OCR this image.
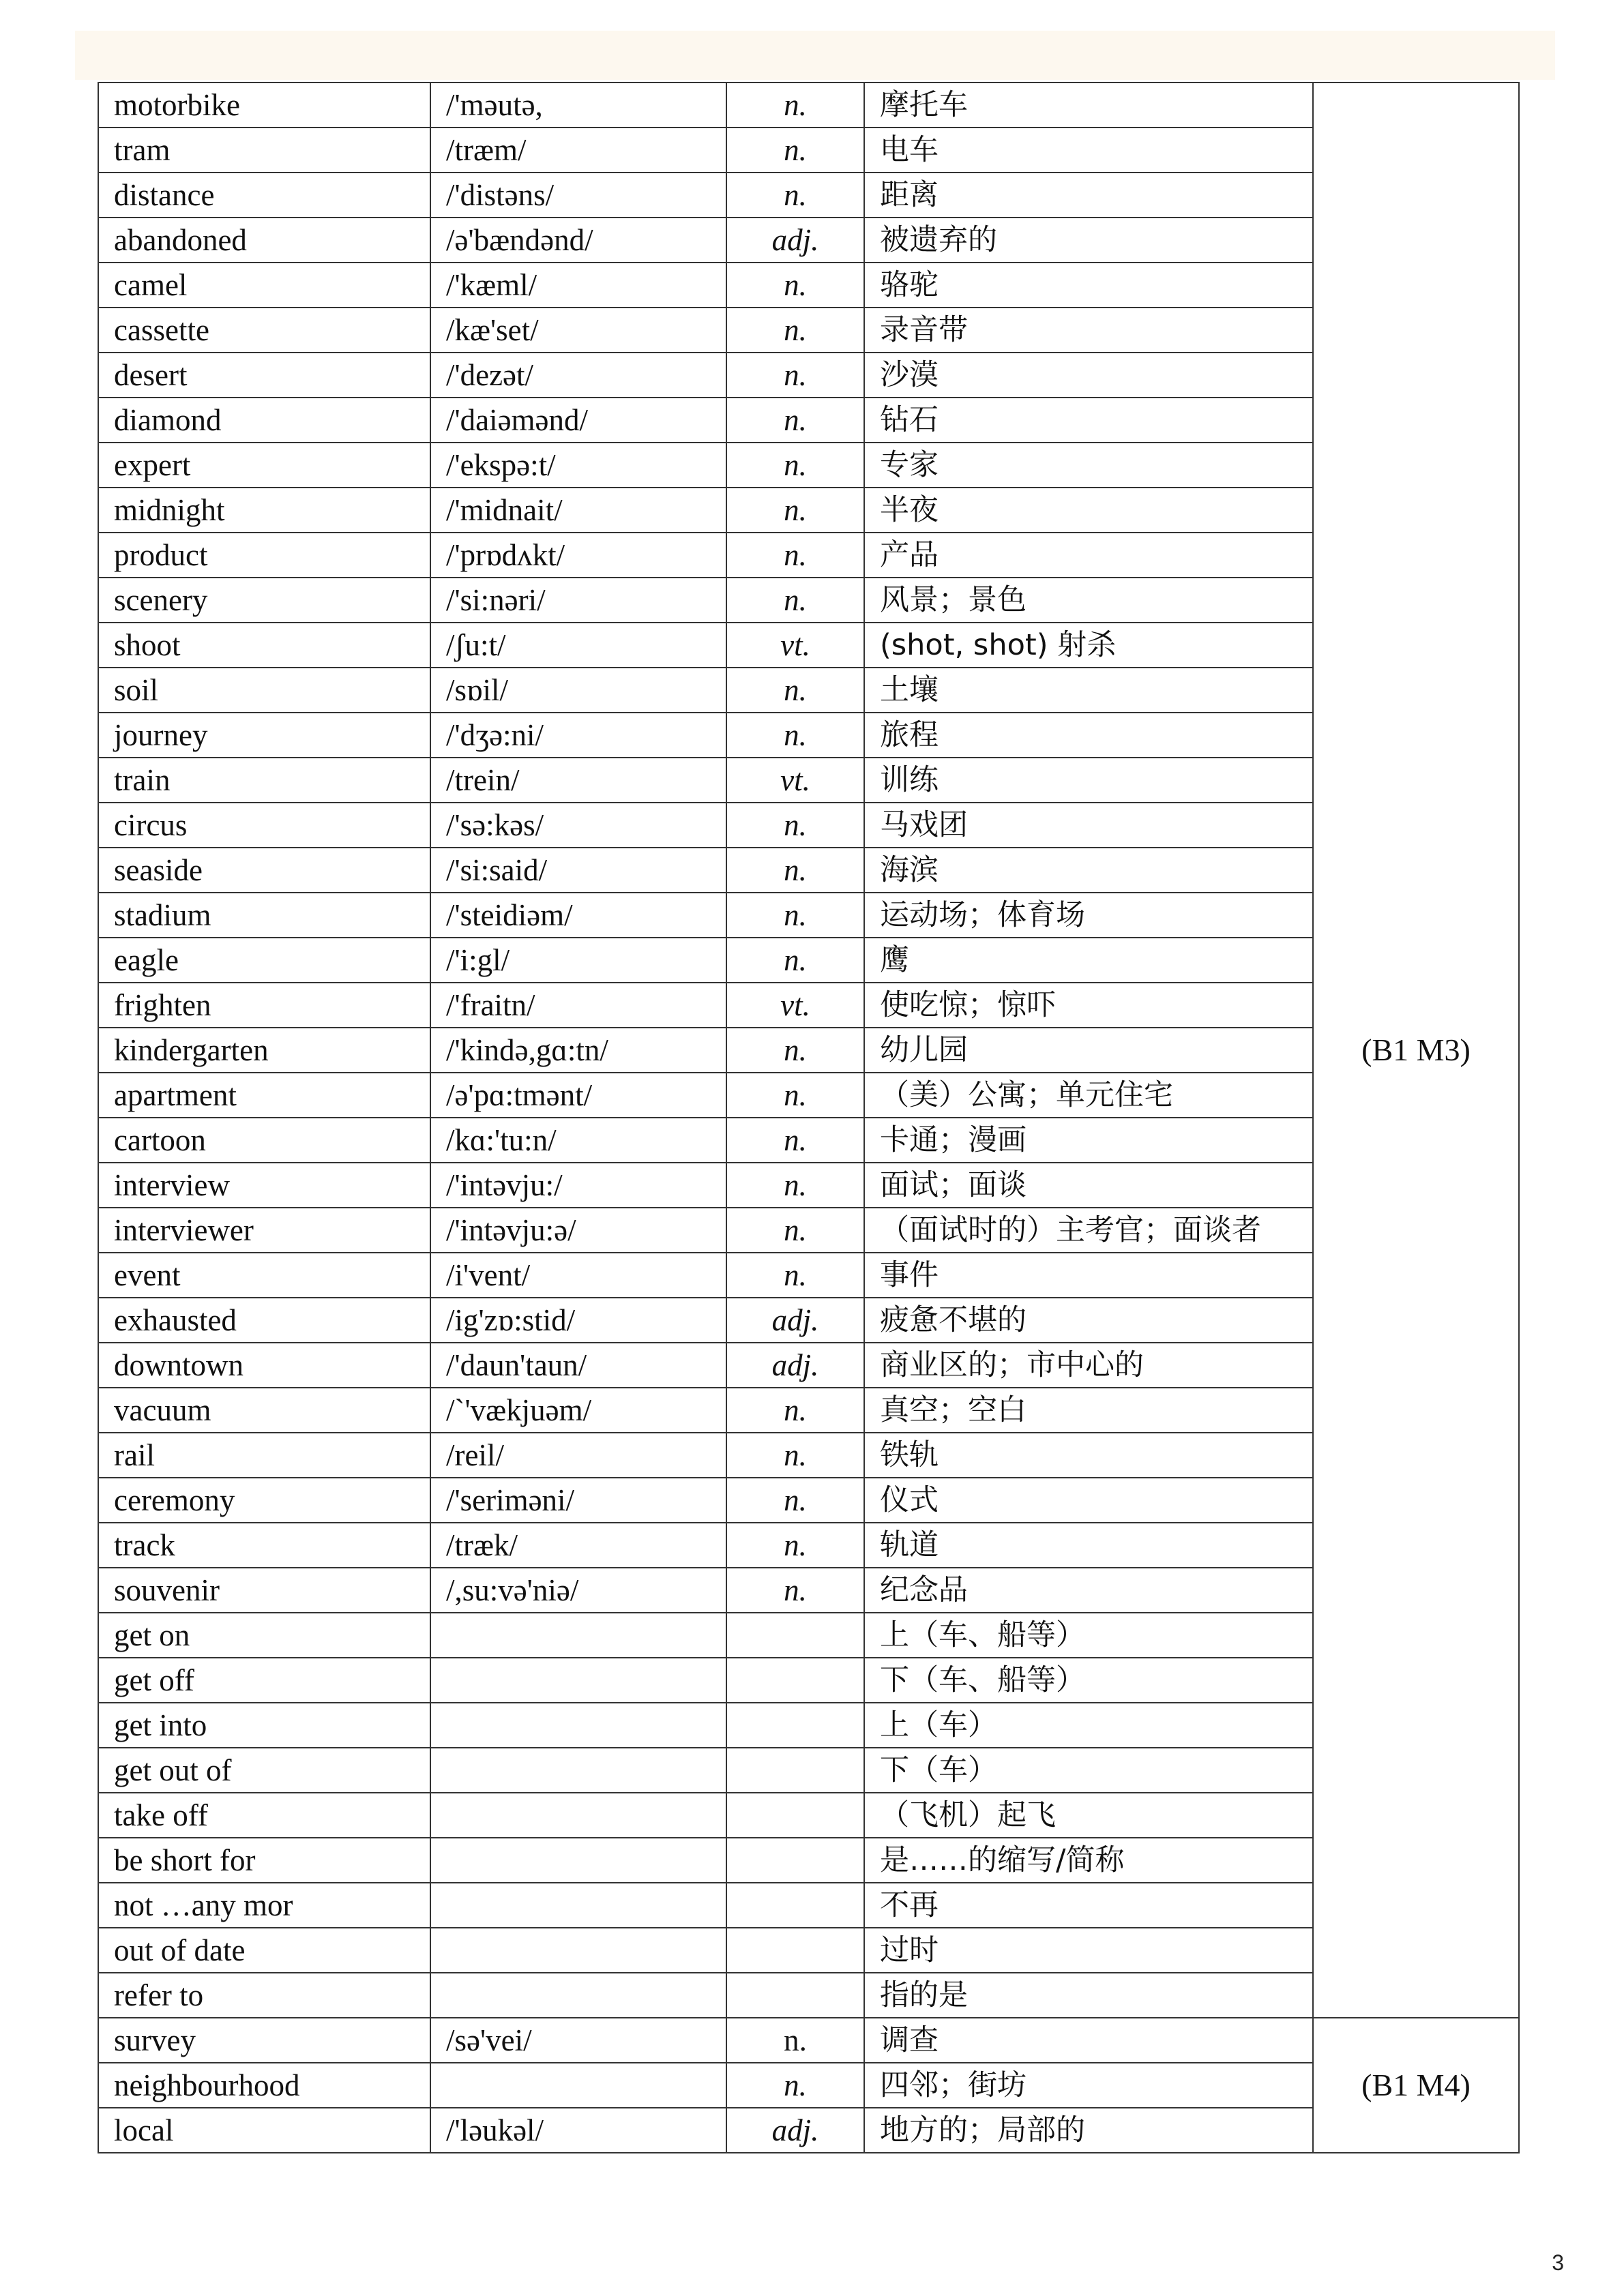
motorbike	/'məutə,	n.	摩托车	(B1 M3)
tram	/træm/	n.	电车	
distance	/'distəns/	n.	距离	
abandoned	/ə'bændənd/	adj.	被遗弃的	
camel	/'kæml/	n.	骆驼	
cassette	/kæ'set/	n.	录音带	
desert	/'dezət/	n.	沙漠	
diamond	/'daiəmənd/	n.	钻石	
expert	/'ekspə:t/	n.	专家	
midnight	/'midnait/	n.	半夜	
product	/'prɒdʌkt/	n.	产品	
scenery	/'si:nəri/	n.	风景；景色	
shoot	/ʃu:t/	vt.	(shot, shot) 射杀	
soil	/sɒil/	n.	土壤	
journey	/'dʒə:ni/	n.	旅程	
train	/trein/	vt.	训练	
circus	/'sə:kəs/	n.	马戏团	
seaside	/'si:said/	n.	海滨	
stadium	/'steidiəm/	n.	运动场；体育场	
eagle	/'i:gl/	n.	鹰	
frighten	/'fraitn/	vt.	使吃惊；惊吓	
kindergarten	/'kində,gɑ:tn/	n.	幼儿园	
apartment	/ə'pɑ:tmənt/	n.	（美）公寓；单元住宅	
cartoon	/kɑ:'tu:n/	n.	卡通；漫画	
interview	/'intəvju:/	n.	面试；面谈	
interviewer	/'intəvju:ə/	n.	（面试时的）主考官；面谈者	
event	/i'vent/	n.	事件	
exhausted	/ig'zɒ:stid/	adj.	疲惫不堪的	
downtown	/'daun'taun/	adj.	商业区的；市中心的	
vacuum	/`'vækjuəm/	n.	真空；空白	
rail	/reil/	n.	铁轨	
ceremony	/'seriməni/	n.	仪式	
track	/træk/	n.	轨道	
souvenir	/,su:və'niə/	n.	纪念品	
get on			上（车、船等）	
get off			下（车、船等）	
get into			上（车）	
get out of			下（车）	
take off			（飞机）起飞	
be short for			是……的缩写/简称	
not …any mor			不再	
out of date			过时	
refer to			指的是	
survey	/sə'vei/	n.	调查	(B1 M4)
neighbourhood		n.	四邻；街坊	
local	/'ləukəl/	adj.	地方的；局部的	
3
